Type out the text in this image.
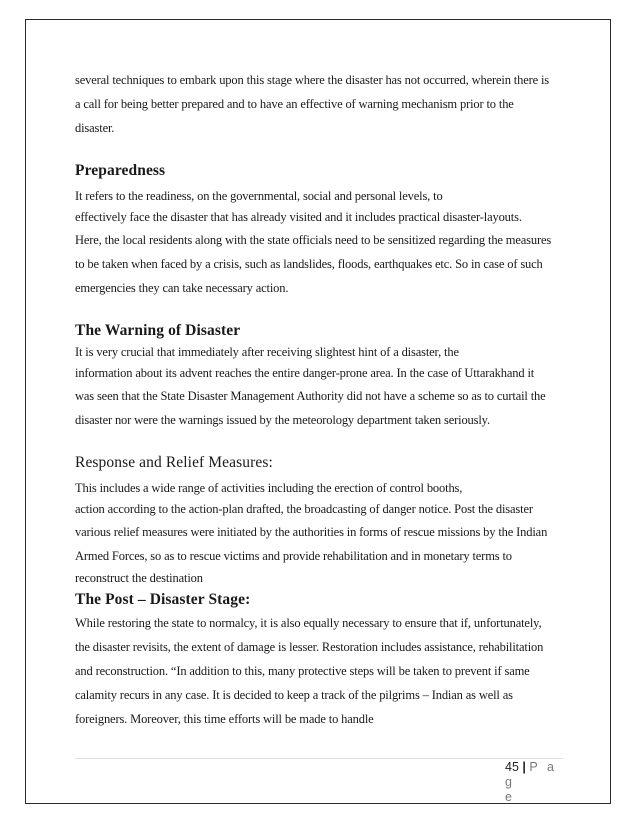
several techniques to embark upon this stage where the disaster has not occurred, wherein there is
a call for being better prepared and to have an effective of warning mechanism prior to the
disaster.
Preparedness
It refers to the readiness, on the governmental, social and personal levels, to
effectively face the disaster that has already visited and it includes practical disaster-layouts.
Here, the local residents along with the state officials need to be sensitized regarding the measures
to be taken when faced by a crisis, such as landslides, floods, earthquakes etc. So in case of such
emergencies they can take necessary action.
The Warning of Disaster
It is very crucial that immediately after receiving slightest hint of a disaster, the
information about its advent reaches the entire danger-prone area. In the case of Uttarakhand it
was seen that the State Disaster Management Authority did not have a scheme so as to curtail the
disaster nor were the warnings issued by the meteorology department taken seriously.
Response and Relief Measures:
This includes a wide range of activities including the erection of control booths,
action according to the action-plan drafted, the broadcasting of danger notice. Post the disaster
various relief measures were initiated by the authorities in forms of rescue missions by the Indian
Armed Forces, so as to rescue victims and provide rehabilitation and in monetary terms to
reconstruct the destination
The Post – Disaster Stage:
While restoring the state to normalcy, it is also equally necessary to ensure that if, unfortunately,
the disaster revisits, the extent of damage is lesser. Restoration includes assistance, rehabilitation
and reconstruction. “In addition to this, many protective steps will be taken to prevent if same
calamity recurs in any case. It is decided to keep a track of the pilgrims – Indian as well as
foreigners. Moreover, this time efforts will be made to handle
45 | P a g
e
